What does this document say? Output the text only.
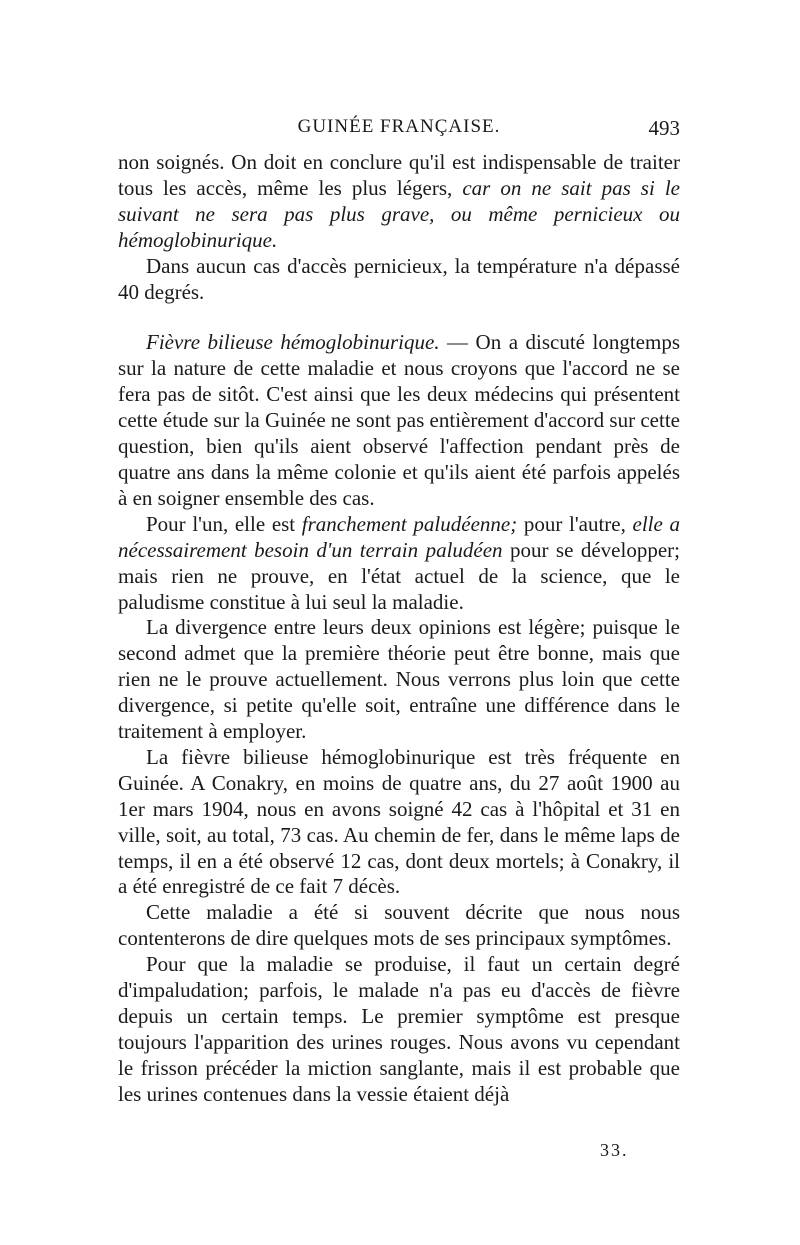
GUINÉE FRANÇAISE.	493

non soignés. On doit en conclure qu'il est indispensable de traiter tous les accès, même les plus légers, car on ne sait pas si le suivant ne sera pas plus grave, ou même pernicieux ou hémoglobinurique.

Dans aucun cas d'accès pernicieux, la température n'a dépassé 40 degrés.

Fièvre bilieuse hémoglobinurique. — On a discuté longtemps sur la nature de cette maladie et nous croyons que l'accord ne se fera pas de sitôt. C'est ainsi que les deux médecins qui présentent cette étude sur la Guinée ne sont pas entièrement d'accord sur cette question, bien qu'ils aient observé l'affection pendant près de quatre ans dans la même colonie et qu'ils aient été parfois appelés à en soigner ensemble des cas.

Pour l'un, elle est franchement paludéenne; pour l'autre, elle a nécessairement besoin d'un terrain paludéen pour se développer; mais rien ne prouve, en l'état actuel de la science, que le paludisme constitue à lui seul la maladie.

La divergence entre leurs deux opinions est légère; puisque le second admet que la première théorie peut être bonne, mais que rien ne le prouve actuellement. Nous verrons plus loin que cette divergence, si petite qu'elle soit, entraîne une différence dans le traitement à employer.

La fièvre bilieuse hémoglobinurique est très fréquente en Guinée. A Conakry, en moins de quatre ans, du 27 août 1900 au 1er mars 1904, nous en avons soigné 42 cas à l'hôpital et 31 en ville, soit, au total, 73 cas. Au chemin de fer, dans le même laps de temps, il en a été observé 12 cas, dont deux mortels; à Conakry, il a été enregistré de ce fait 7 décès.

Cette maladie a été si souvent décrite que nous nous contenterons de dire quelques mots de ses principaux symptômes.

Pour que la maladie se produise, il faut un certain degré d'impaludation; parfois, le malade n'a pas eu d'accès de fièvre depuis un certain temps. Le premier symptôme est presque toujours l'apparition des urines rouges. Nous avons vu cependant le frisson précéder la miction sanglante, mais il est probable que les urines contenues dans la vessie étaient déjà

33.
